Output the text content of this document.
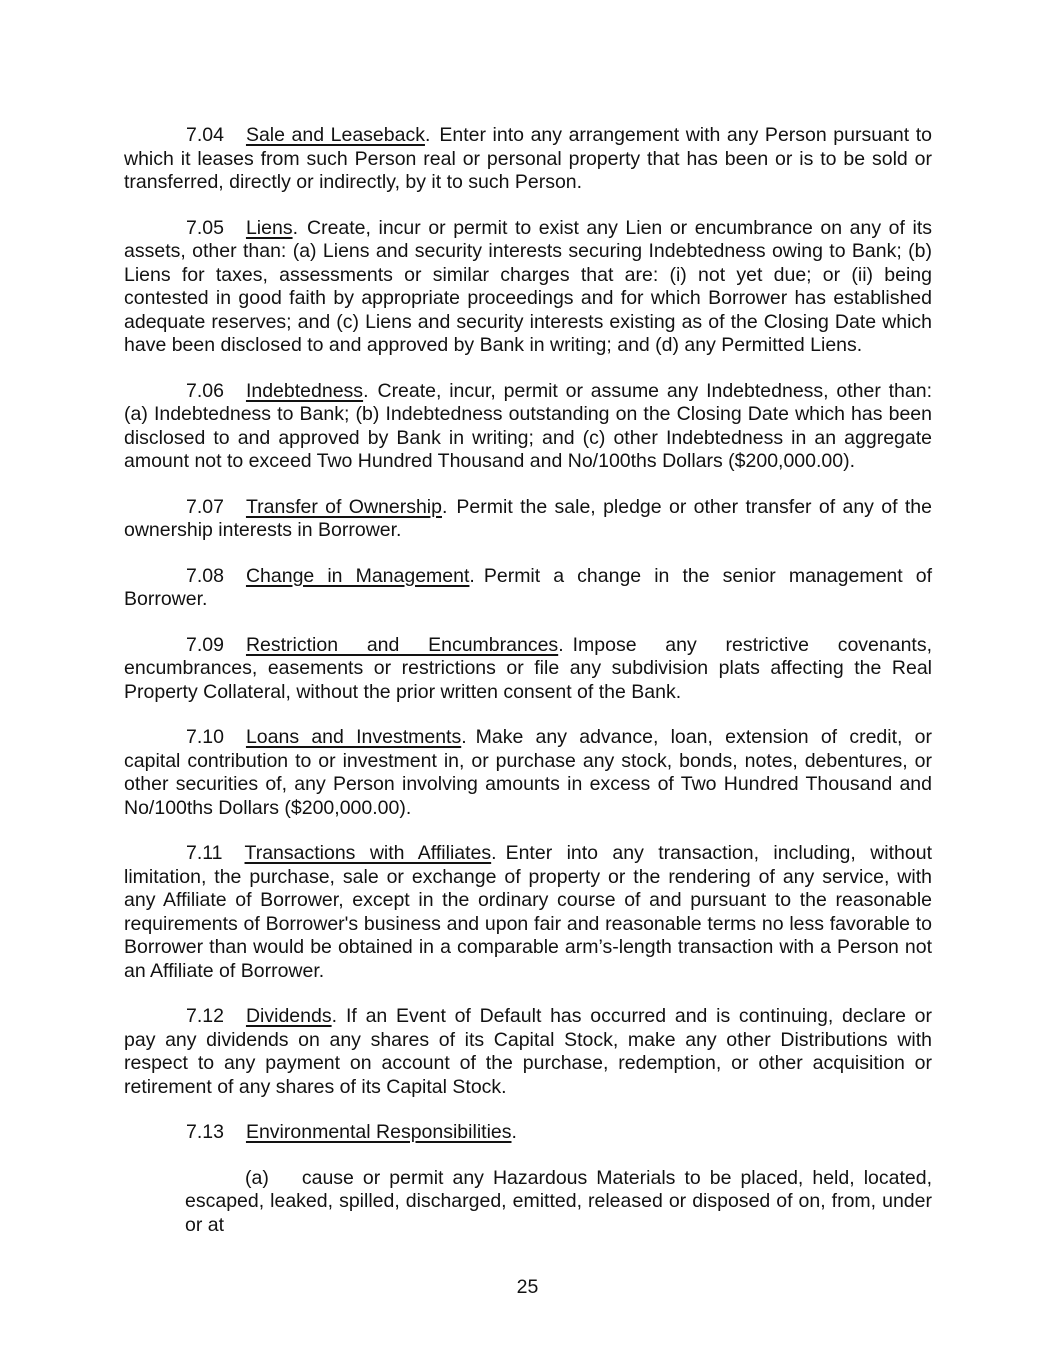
7.04 Sale and Leaseback. Enter into any arrangement with any Person pursuant to which it leases from such Person real or personal property that has been or is to be sold or transferred, directly or indirectly, by it to such Person.

7.05 Liens. Create, incur or permit to exist any Lien or encumbrance on any of its assets, other than: (a) Liens and security interests securing Indebtedness owing to Bank; (b) Liens for taxes, assessments or similar charges that are: (i) not yet due; or (ii) being contested in good faith by appropriate proceedings and for which Borrower has established adequate reserves; and (c) Liens and security interests existing as of the Closing Date which have been disclosed to and approved by Bank in writing; and (d) any Permitted Liens.

7.06 Indebtedness. Create, incur, permit or assume any Indebtedness, other than: (a) Indebtedness to Bank; (b) Indebtedness outstanding on the Closing Date which has been disclosed to and approved by Bank in writing; and (c) other Indebtedness in an aggregate amount not to exceed Two Hundred Thousand and No/100ths Dollars ($200,000.00).

7.07 Transfer of Ownership. Permit the sale, pledge or other transfer of any of the ownership interests in Borrower.

7.08 Change in Management. Permit a change in the senior management of Borrower.

7.09 Restriction and Encumbrances. Impose any restrictive covenants, encumbrances, easements or restrictions or file any subdivision plats affecting the Real Property Collateral, without the prior written consent of the Bank.

7.10 Loans and Investments. Make any advance, loan, extension of credit, or capital contribution to or investment in, or purchase any stock, bonds, notes, debentures, or other securities of, any Person involving amounts in excess of Two Hundred Thousand and No/100ths Dollars ($200,000.00).

7.11 Transactions with Affiliates. Enter into any transaction, including, without limitation, the purchase, sale or exchange of property or the rendering of any service, with any Affiliate of Borrower, except in the ordinary course of and pursuant to the reasonable requirements of Borrower's business and upon fair and reasonable terms no less favorable to Borrower than would be obtained in a comparable arm’s-length transaction with a Person not an Affiliate of Borrower.

7.12 Dividends. If an Event of Default has occurred and is continuing, declare or pay any dividends on any shares of its Capital Stock, make any other Distributions with respect to any payment on account of the purchase, redemption, or other acquisition or retirement of any shares of its Capital Stock.

7.13 Environmental Responsibilities.

(a) cause or permit any Hazardous Materials to be placed, held, located, escaped, leaked, spilled, discharged, emitted, released or disposed of on, from, under or at

25
